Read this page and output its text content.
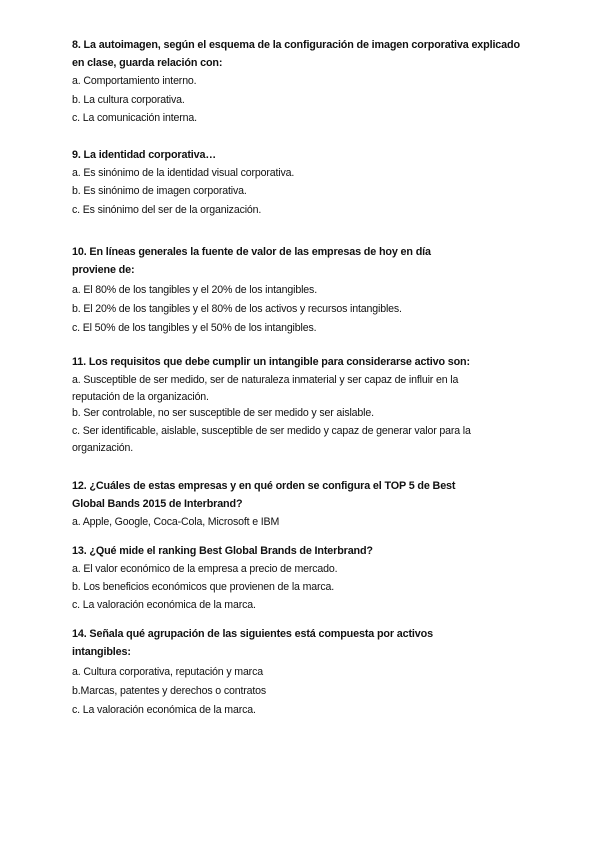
8. La autoimagen, según el esquema de la configuración de imagen corporativa explicado
en clase, guarda relación con:
a. Comportamiento interno.
b. La cultura corporativa.
c. La comunicación interna.
9. La identidad corporativa…
a. Es sinónimo de la identidad visual corporativa.
b. Es sinónimo de imagen corporativa.
c. Es sinónimo del ser de la organización.
10. En líneas generales la fuente de valor de las empresas de hoy en día
proviene de:
a. El 80% de los tangibles y el 20% de los intangibles.
b. El 20% de los tangibles y el 80% de los activos y recursos intangibles.
c. El 50% de los tangibles y el 50% de los intangibles.
11. Los requisitos que debe cumplir un intangible para considerarse activo son:
a. Susceptible de ser medido, ser de naturaleza inmaterial y ser capaz de influir en la
reputación de la organización.
b. Ser controlable, no ser susceptible de ser medido y ser aislable.
c. Ser identificable, aislable, susceptible de ser medido y capaz de generar valor para la
organización.
12. ¿Cuáles de estas empresas y en qué orden se configura el TOP 5 de Best
Global Bands 2015 de Interbrand?
a. Apple, Google, Coca-Cola, Microsoft e IBM
13. ¿Qué mide el ranking Best Global Brands de Interbrand?
a. El valor económico de la empresa a precio de mercado.
b. Los beneficios económicos que provienen de la marca.
c. La valoración económica de la marca.
14. Señala qué agrupación de las siguientes está compuesta por activos
intangibles:
a. Cultura corporativa, reputación y marca
b.Marcas, patentes y derechos o contratos
c. La valoración económica de la marca.
